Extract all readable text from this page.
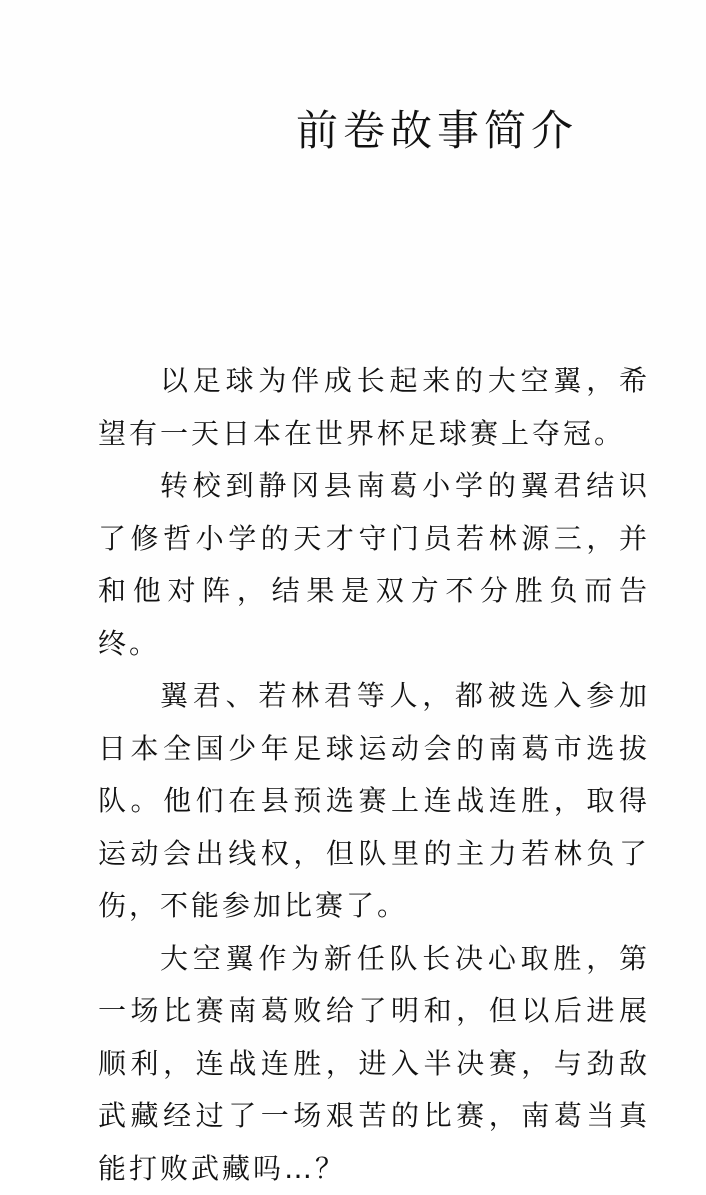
前卷故事简介

以足球为伴成长起来的大空翼，希望有一天日本在世界杯足球赛上夺冠。

转校到静冈县南葛小学的翼君结识了修哲小学的天才守门员若林源三，并和他对阵，结果是双方不分胜负而告终。

翼君、若林君等人，都被选入参加日本全国少年足球运动会的南葛市选拔队。他们在县预选赛上连战连胜，取得运动会出线权，但队里的主力若林负了伤，不能参加比赛了。

大空翼作为新任队长决心取胜，第一场比赛南葛败给了明和，但以后进展顺利，连战连胜，进入半决赛，与劲敌武藏经过了一场艰苦的比赛，南葛当真能打败武藏吗…？
